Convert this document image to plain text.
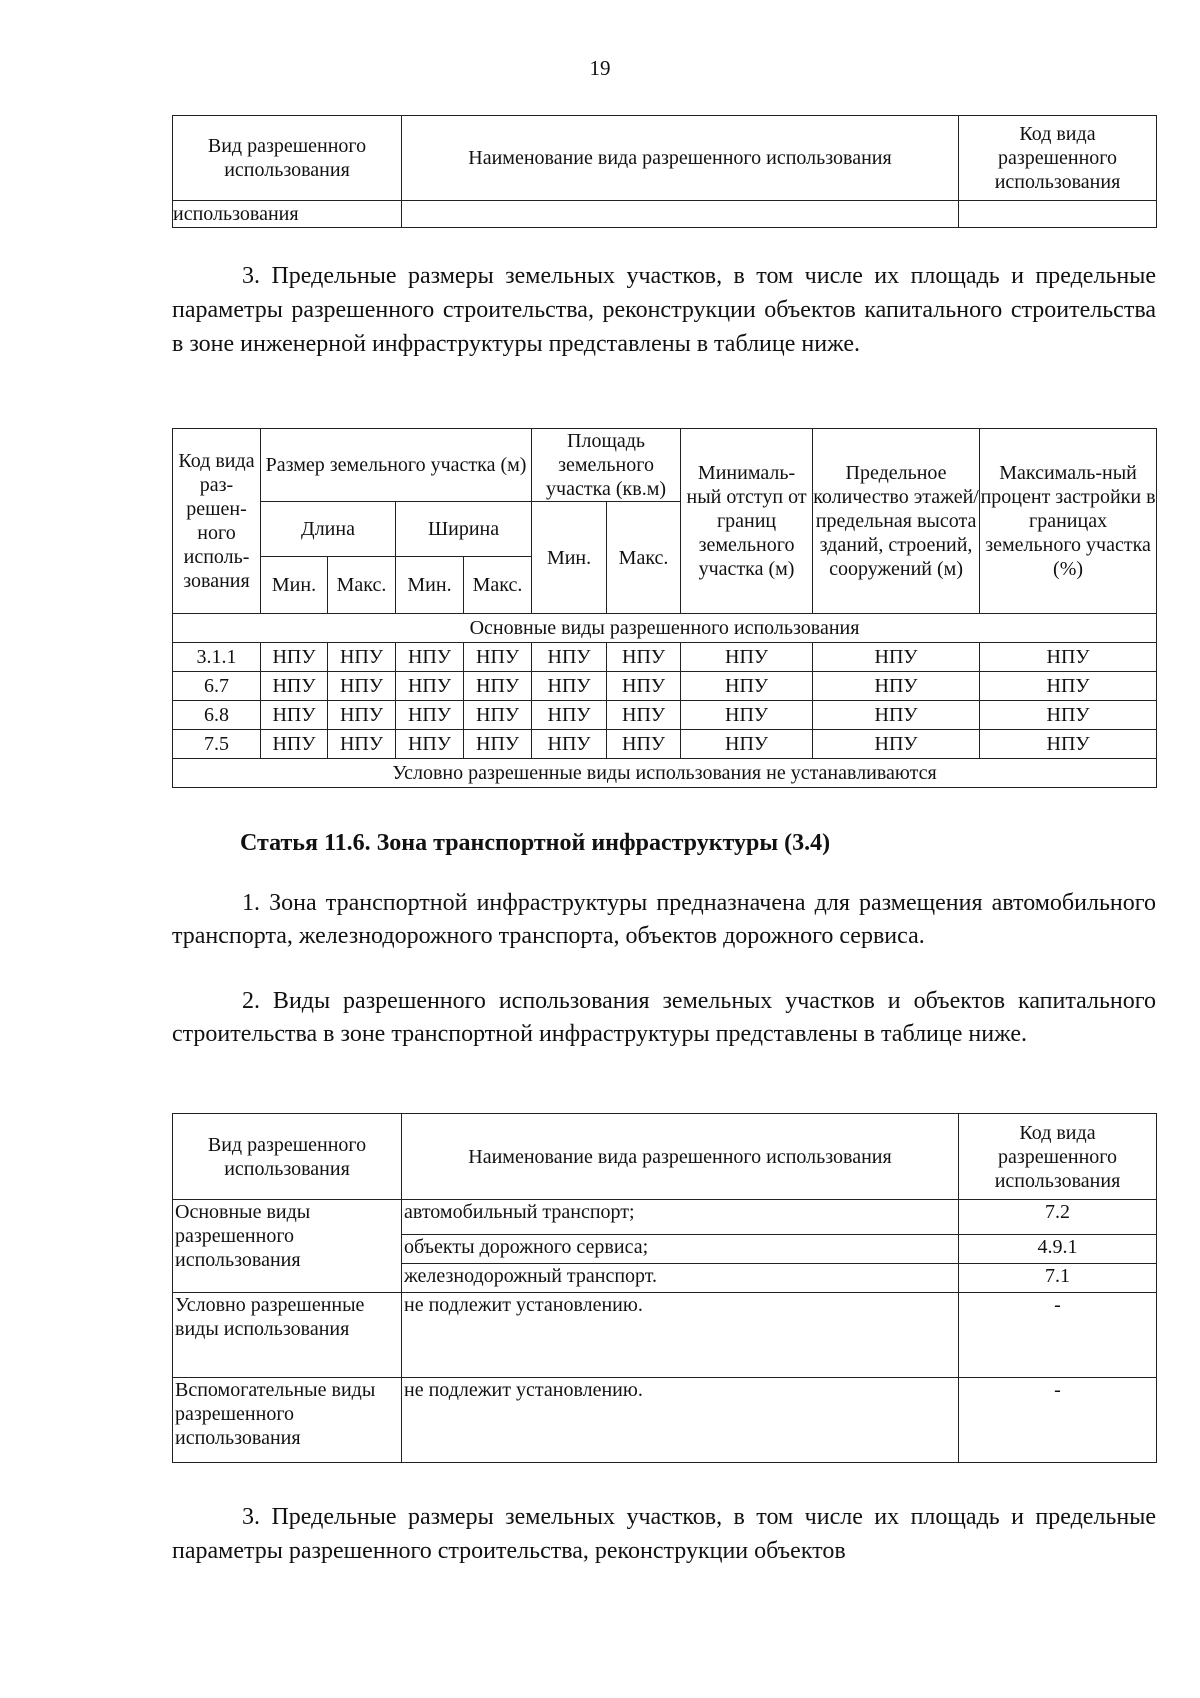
19
Вид разрешенного использования	Наименование вида разрешенного использования	Код вида разрешенного использования
использования		
3. Предельные размеры земельных участков, в том числе их площадь и предельные параметры разрешенного строительства, реконструкции объектов капитального строительства в зоне инженерной инфраструктуры представлены в таблице ниже.
Код вида раз-решен-ного исполь-зования	Размер земельного участка (м)				Площадь земельного участка (кв.м)		Минималь-ный отступ от границ земельного участка (м)	Предельное количество этажей/ предельная высота зданий, строений, сооружений (м)	Максималь-ный процент застройки в границах земельного участка (%)

	Длина		Ширина		Мин.	Макс.			
	Мин.	Макс.	Мин.	Макс.					
Основные виды разрешенного использования									
3.1.1	НПУ	НПУ	НПУ	НПУ	НПУ	НПУ	НПУ	НПУ	НПУ
6.7	НПУ	НПУ	НПУ	НПУ	НПУ	НПУ	НПУ	НПУ	НПУ
6.8	НПУ	НПУ	НПУ	НПУ	НПУ	НПУ	НПУ	НПУ	НПУ
7.5	НПУ	НПУ	НПУ	НПУ	НПУ	НПУ	НПУ	НПУ	НПУ
Условно разрешенные виды использования не устанавливаются									
Статья 11.6. Зона транспортной инфраструктуры (3.4)
1. Зона транспортной инфраструктуры предназначена для размещения автомобильного транспорта, железнодорожного транспорта, объектов дорожного сервиса.
2. Виды разрешенного использования земельных участков и объектов капитального строительства в зоне транспортной инфраструктуры представлены в таблице ниже.
Вид разрешенного использования	Наименование вида разрешенного использования	Код вида разрешенного использования
Основные виды разрешенного использования	автомобильный транспорт;	7.2
	объекты дорожного сервиса;	4.9.1
	железнодорожный транспорт.	7.1
Условно разрешенные виды использования	не подлежит установлению.	-
Вспомогательные виды разрешенного использования	не подлежит установлению.	-
3. Предельные размеры земельных участков, в том числе их площадь и предельные параметры разрешенного строительства, реконструкции объектов
